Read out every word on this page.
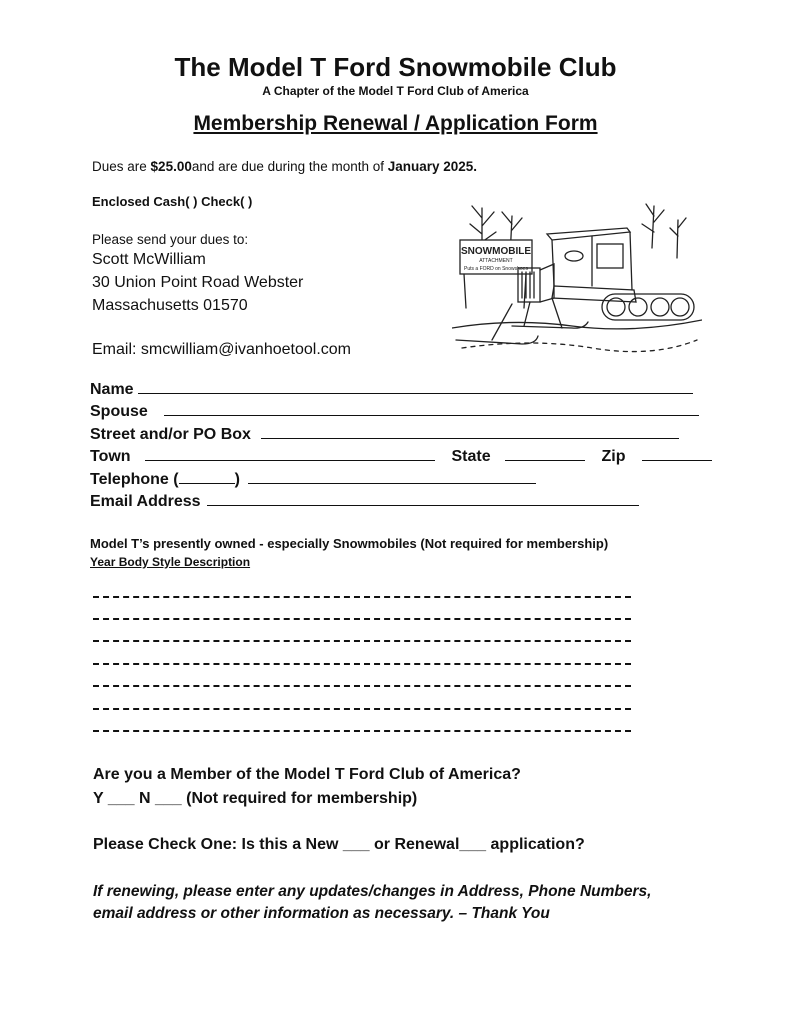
The Model T Ford Snowmobile Club
A Chapter of the Model T Ford Club of America
Membership Renewal / Application Form
Dues are $25.00and are due during the month of January 2025.
Enclosed Cash( ) Check( )
Please send your dues to:
Scott McWilliam
30 Union Point Road Webster
Massachusetts 01570
Email: smcwilliam@ivanhoetool.com
SNOWMOBILE
ATTACHMENT
Puts a FORD on Snowshoes
Name
Spouse
Street and/or PO Box
Town	State	Zip
Telephone (	)
Email Address
Model T’s presently owned - especially Snowmobiles (Not required for membership)
Year Body Style Description
Are you a Member of the Model T Ford Club of America?
Y ___ N ___ (Not required for membership)
Please Check One: Is this a New ___ or Renewal___ application?
If renewing, please enter any updates/changes in Address, Phone Numbers,
email address or other information as necessary. – Thank You
